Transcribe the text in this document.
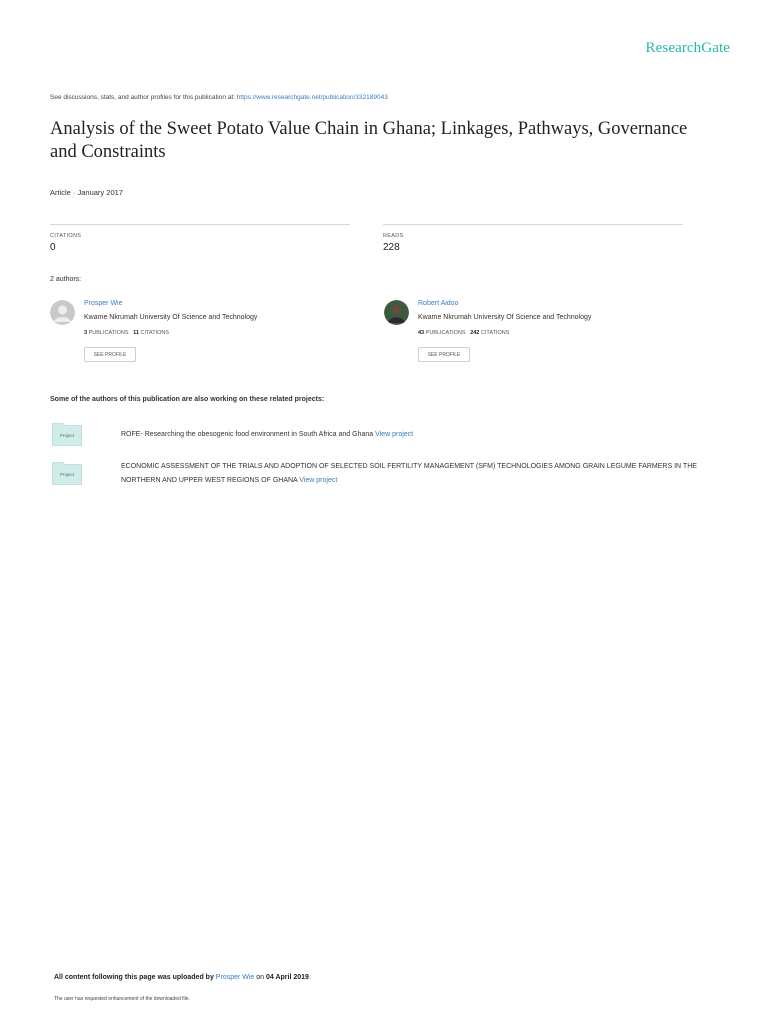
ResearchGate
See discussions, stats, and author profiles for this publication at: https://www.researchgate.net/publication/332189043
Analysis of the Sweet Potato Value Chain in Ghana; Linkages, Pathways, Governance and Constraints
Article · January 2017
CITATIONS
0
READS
228
2 authors:
Prosper Wie
Kwame Nkrumah University Of Science and Technology
3 PUBLICATIONS 11 CITATIONS
SEE PROFILE
Robert Aidoo
Kwame Nkrumah University Of Science and Technology
43 PUBLICATIONS 242 CITATIONS
SEE PROFILE
Some of the authors of this publication are also working on these related projects:
Project	ROFE- Researching the obesogenic food environment in South Africa and Ghana View project
Project
ECONOMIC ASSESSMENT OF THE TRIALS AND ADOPTION OF SELECTED SOIL FERTILITY MANAGEMENT (SFM) TECHNOLOGIES AMONG GRAIN LEGUME FARMERS IN THE NORTHERN AND UPPER WEST REGIONS OF GHANA View project
All content following this page was uploaded by Prosper Wie on 04 April 2019.
The user has requested enhancement of the downloaded file.
